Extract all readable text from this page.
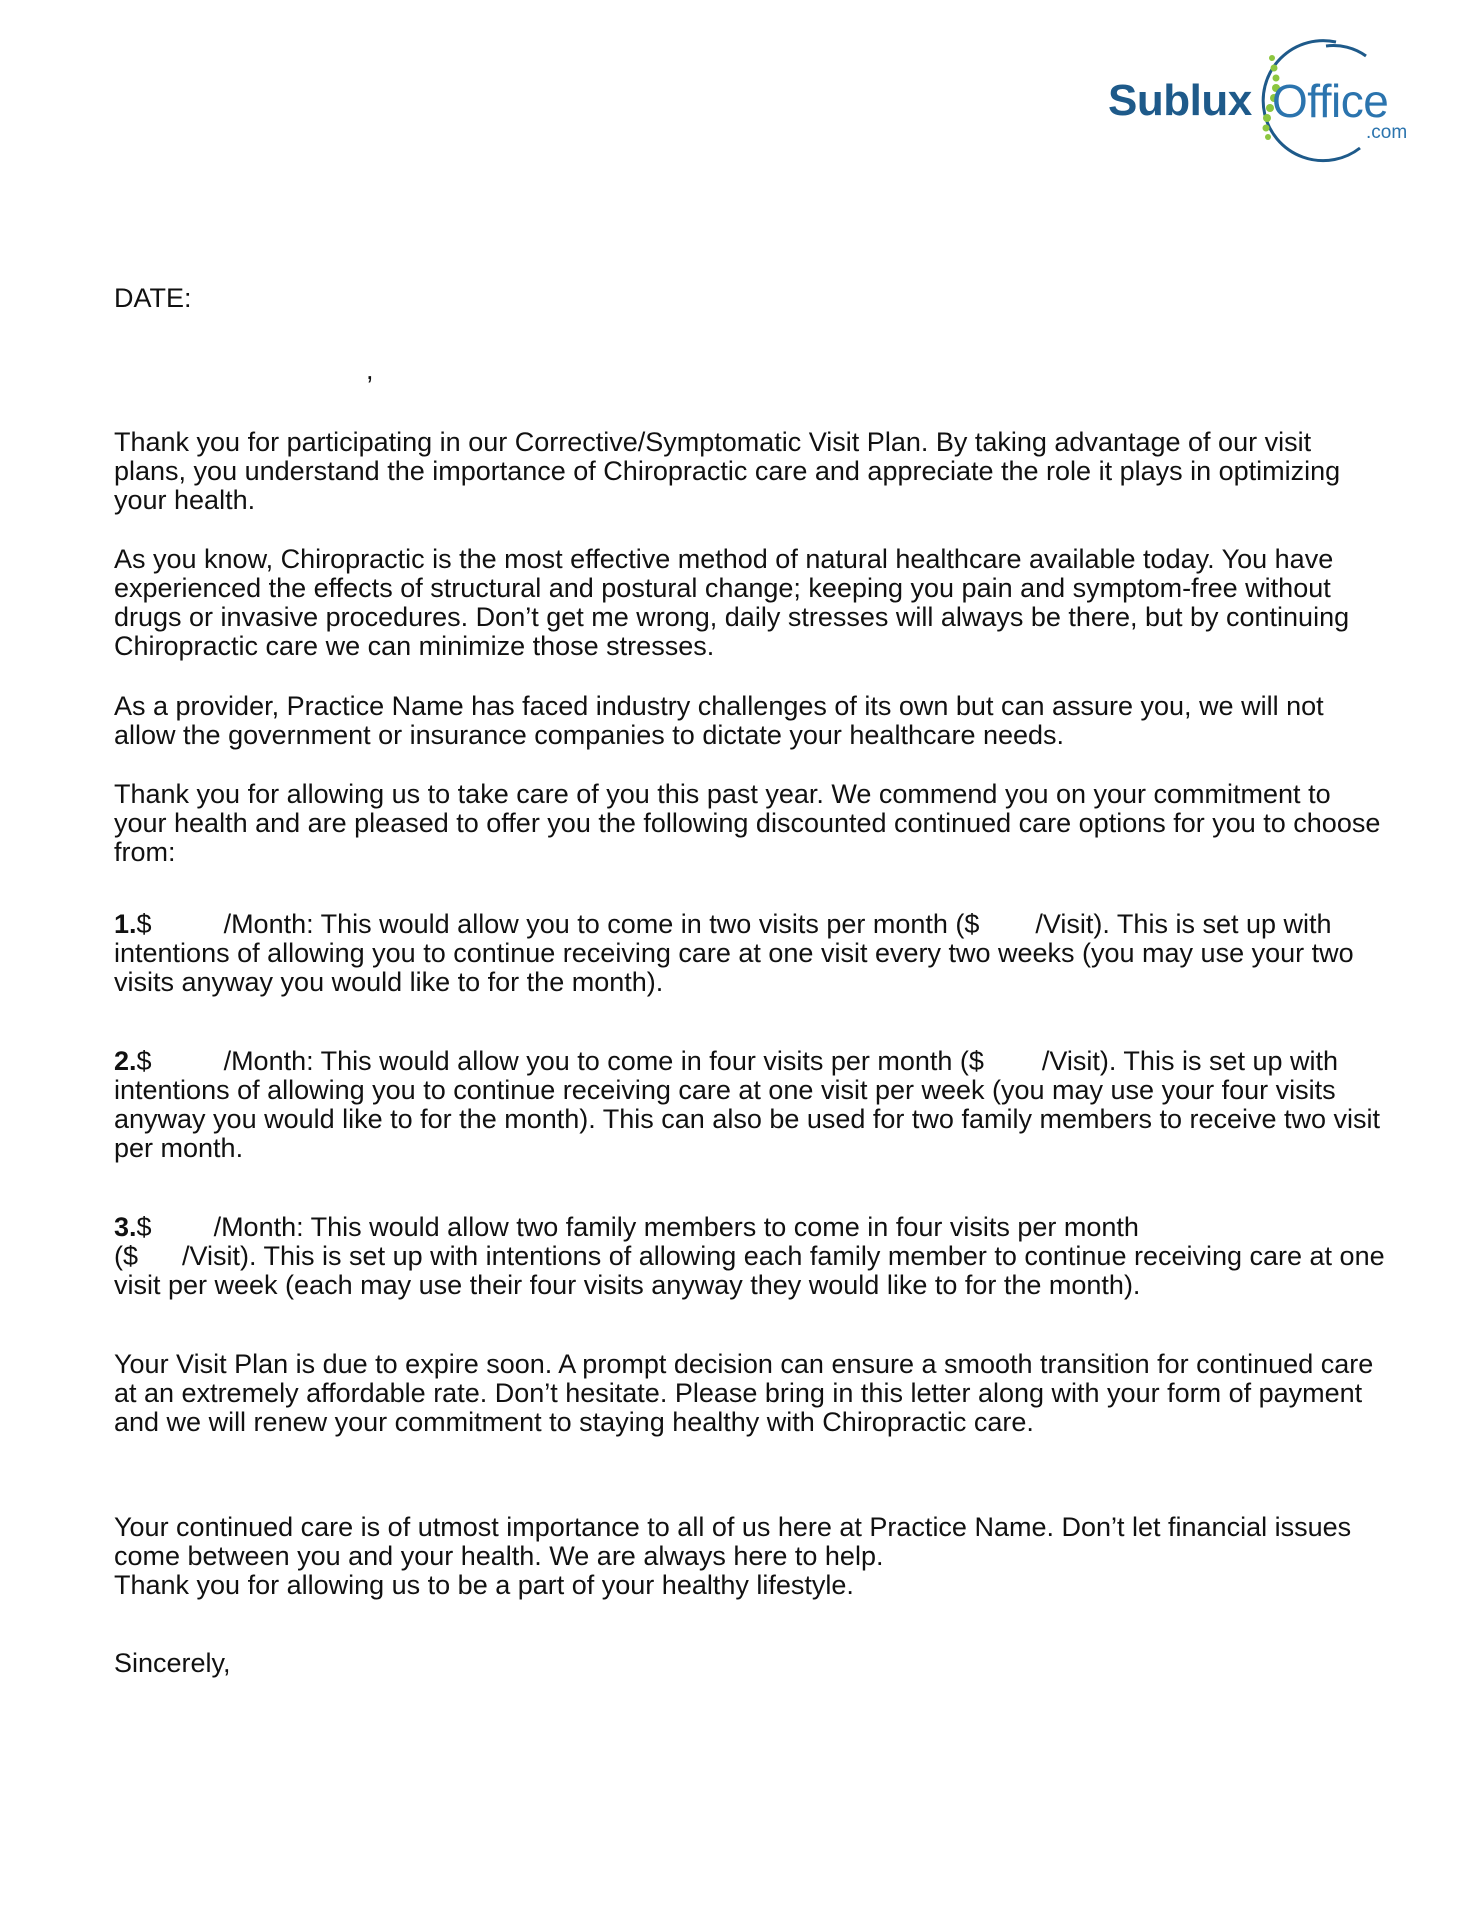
Sublux Office
.com
DATE:
,

Thank you for participating in our Corrective/Symptomatic Visit Plan. By taking advantage of our visit plans, you understand the importance of Chiropractic care and appreciate the role it plays in optimizing your health.

As you know, Chiropractic is the most effective method of natural healthcare available today. You have experienced the effects of structural and postural change; keeping you pain and symptom-free without drugs or invasive procedures. Don’t get me wrong, daily stresses will always be there, but by continuing Chiropractic care we can minimize those stresses.

As a provider, Practice Name has faced industry challenges of its own but can assure you, we will not allow the government or insurance companies to dictate your healthcare needs.

Thank you for allowing us to take care of you this past year. We commend you on your commitment to your health and are pleased to offer you the following discounted continued care options for you to choose from:

1.$	/Month: This would allow you to come in two visits per month ($ /Visit). This is set up with intentions of allowing you to continue receiving care at one visit every two weeks (you may use your two visits anyway you would like to for the month).

2.$	/Month: This would allow you to come in four visits per month ($ /Visit). This is set up with intentions of allowing you to continue receiving care at one visit per week (you may use your four visits anyway you would like to for the month). This can also be used for two family members to receive two visit per month.

3.$ /Month: This would allow two family members to come in four visits per month
($ /Visit). This is set up with intentions of allowing each family member to continue receiving care at one visit per week (each may use their four visits anyway they would like to for the month).

Your Visit Plan is due to expire soon. A prompt decision can ensure a smooth transition for continued care at an extremely affordable rate. Don’t hesitate. Please bring in this letter along with your form of payment and we will renew your commitment to staying healthy with Chiropractic care.

Your continued care is of utmost importance to all of us here at Practice Name. Don’t let financial issues come between you and your health. We are always here to help.
Thank you for allowing us to be a part of your healthy lifestyle.
Sincerely,
